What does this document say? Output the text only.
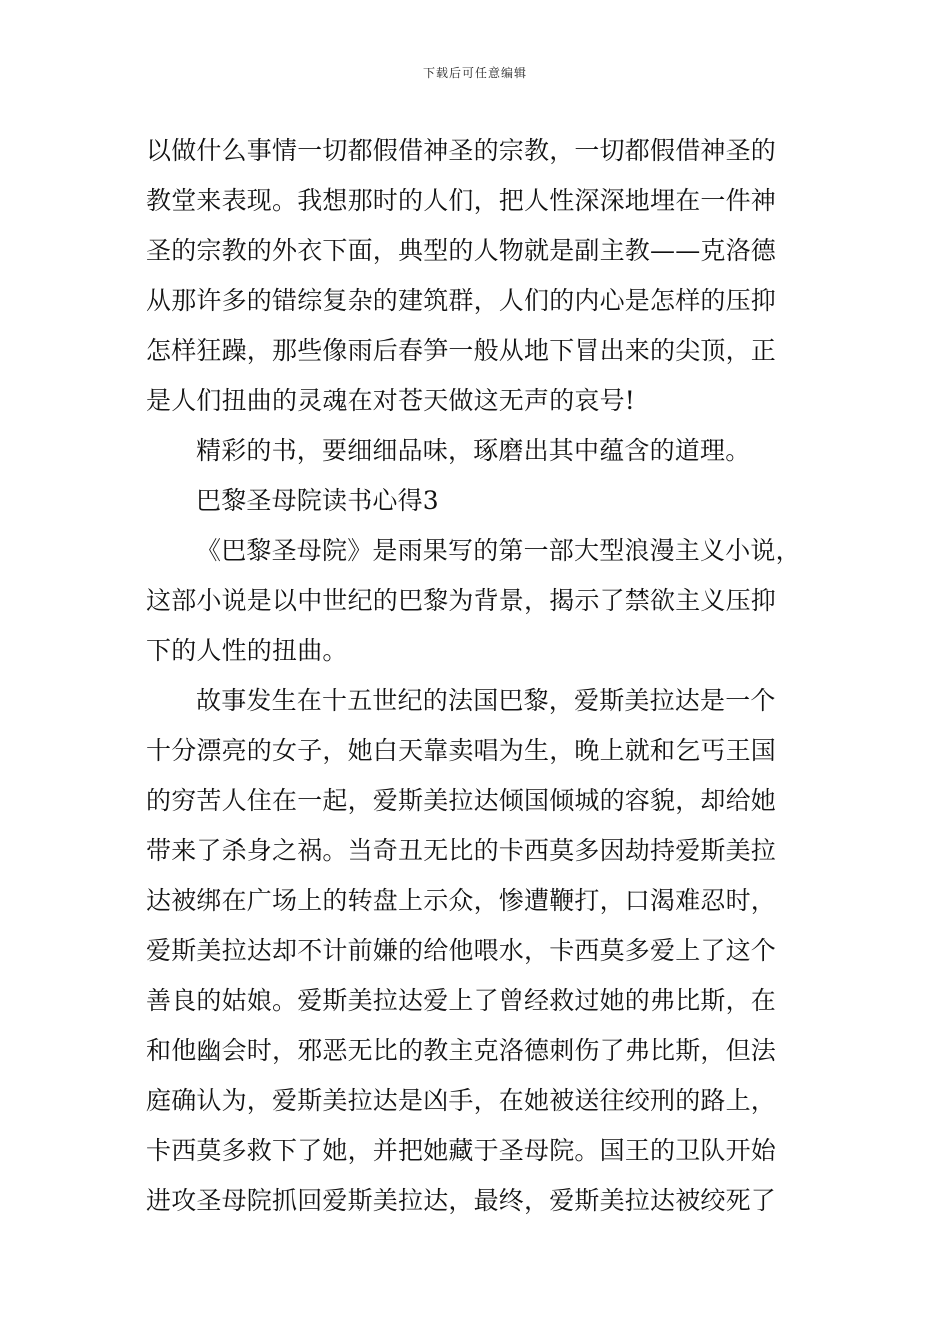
下载后可任意编辑
以做什么事情一切都假借神圣的宗教，一切都假借神圣的
教堂来表现。我想那时的人们，把人性深深地埋在一件神
圣的宗教的外衣下面，典型的人物就是副主教——克洛德
从那许多的错综复杂的建筑群，人们的内心是怎样的压抑
怎样狂躁，那些像雨后春笋一般从地下冒出来的尖顶，正
是人们扭曲的灵魂在对苍天做这无声的哀号!
精彩的书，要细细品味，琢磨出其中蕴含的道理。
巴黎圣母院读书心得3
《巴黎圣母院》是雨果写的第一部大型浪漫主义小说，
这部小说是以中世纪的巴黎为背景，揭示了禁欲主义压抑
下的人性的扭曲。
故事发生在十五世纪的法国巴黎，爱斯美拉达是一个
十分漂亮的女子，她白天靠卖唱为生，晚上就和乞丐王国
的穷苦人住在一起，爱斯美拉达倾国倾城的容貌，却给她
带来了杀身之祸。当奇丑无比的卡西莫多因劫持爱斯美拉
达被绑在广场上的转盘上示众，惨遭鞭打，口渴难忍时，
爱斯美拉达却不计前嫌的给他喂水，卡西莫多爱上了这个
善良的姑娘。爱斯美拉达爱上了曾经救过她的弗比斯，在
和他幽会时，邪恶无比的教主克洛德刺伤了弗比斯，但法
庭确认为，爱斯美拉达是凶手，在她被送往绞刑的路上，
卡西莫多救下了她，并把她藏于圣母院。国王的卫队开始
进攻圣母院抓回爱斯美拉达，最终，爱斯美拉达被绞死了
